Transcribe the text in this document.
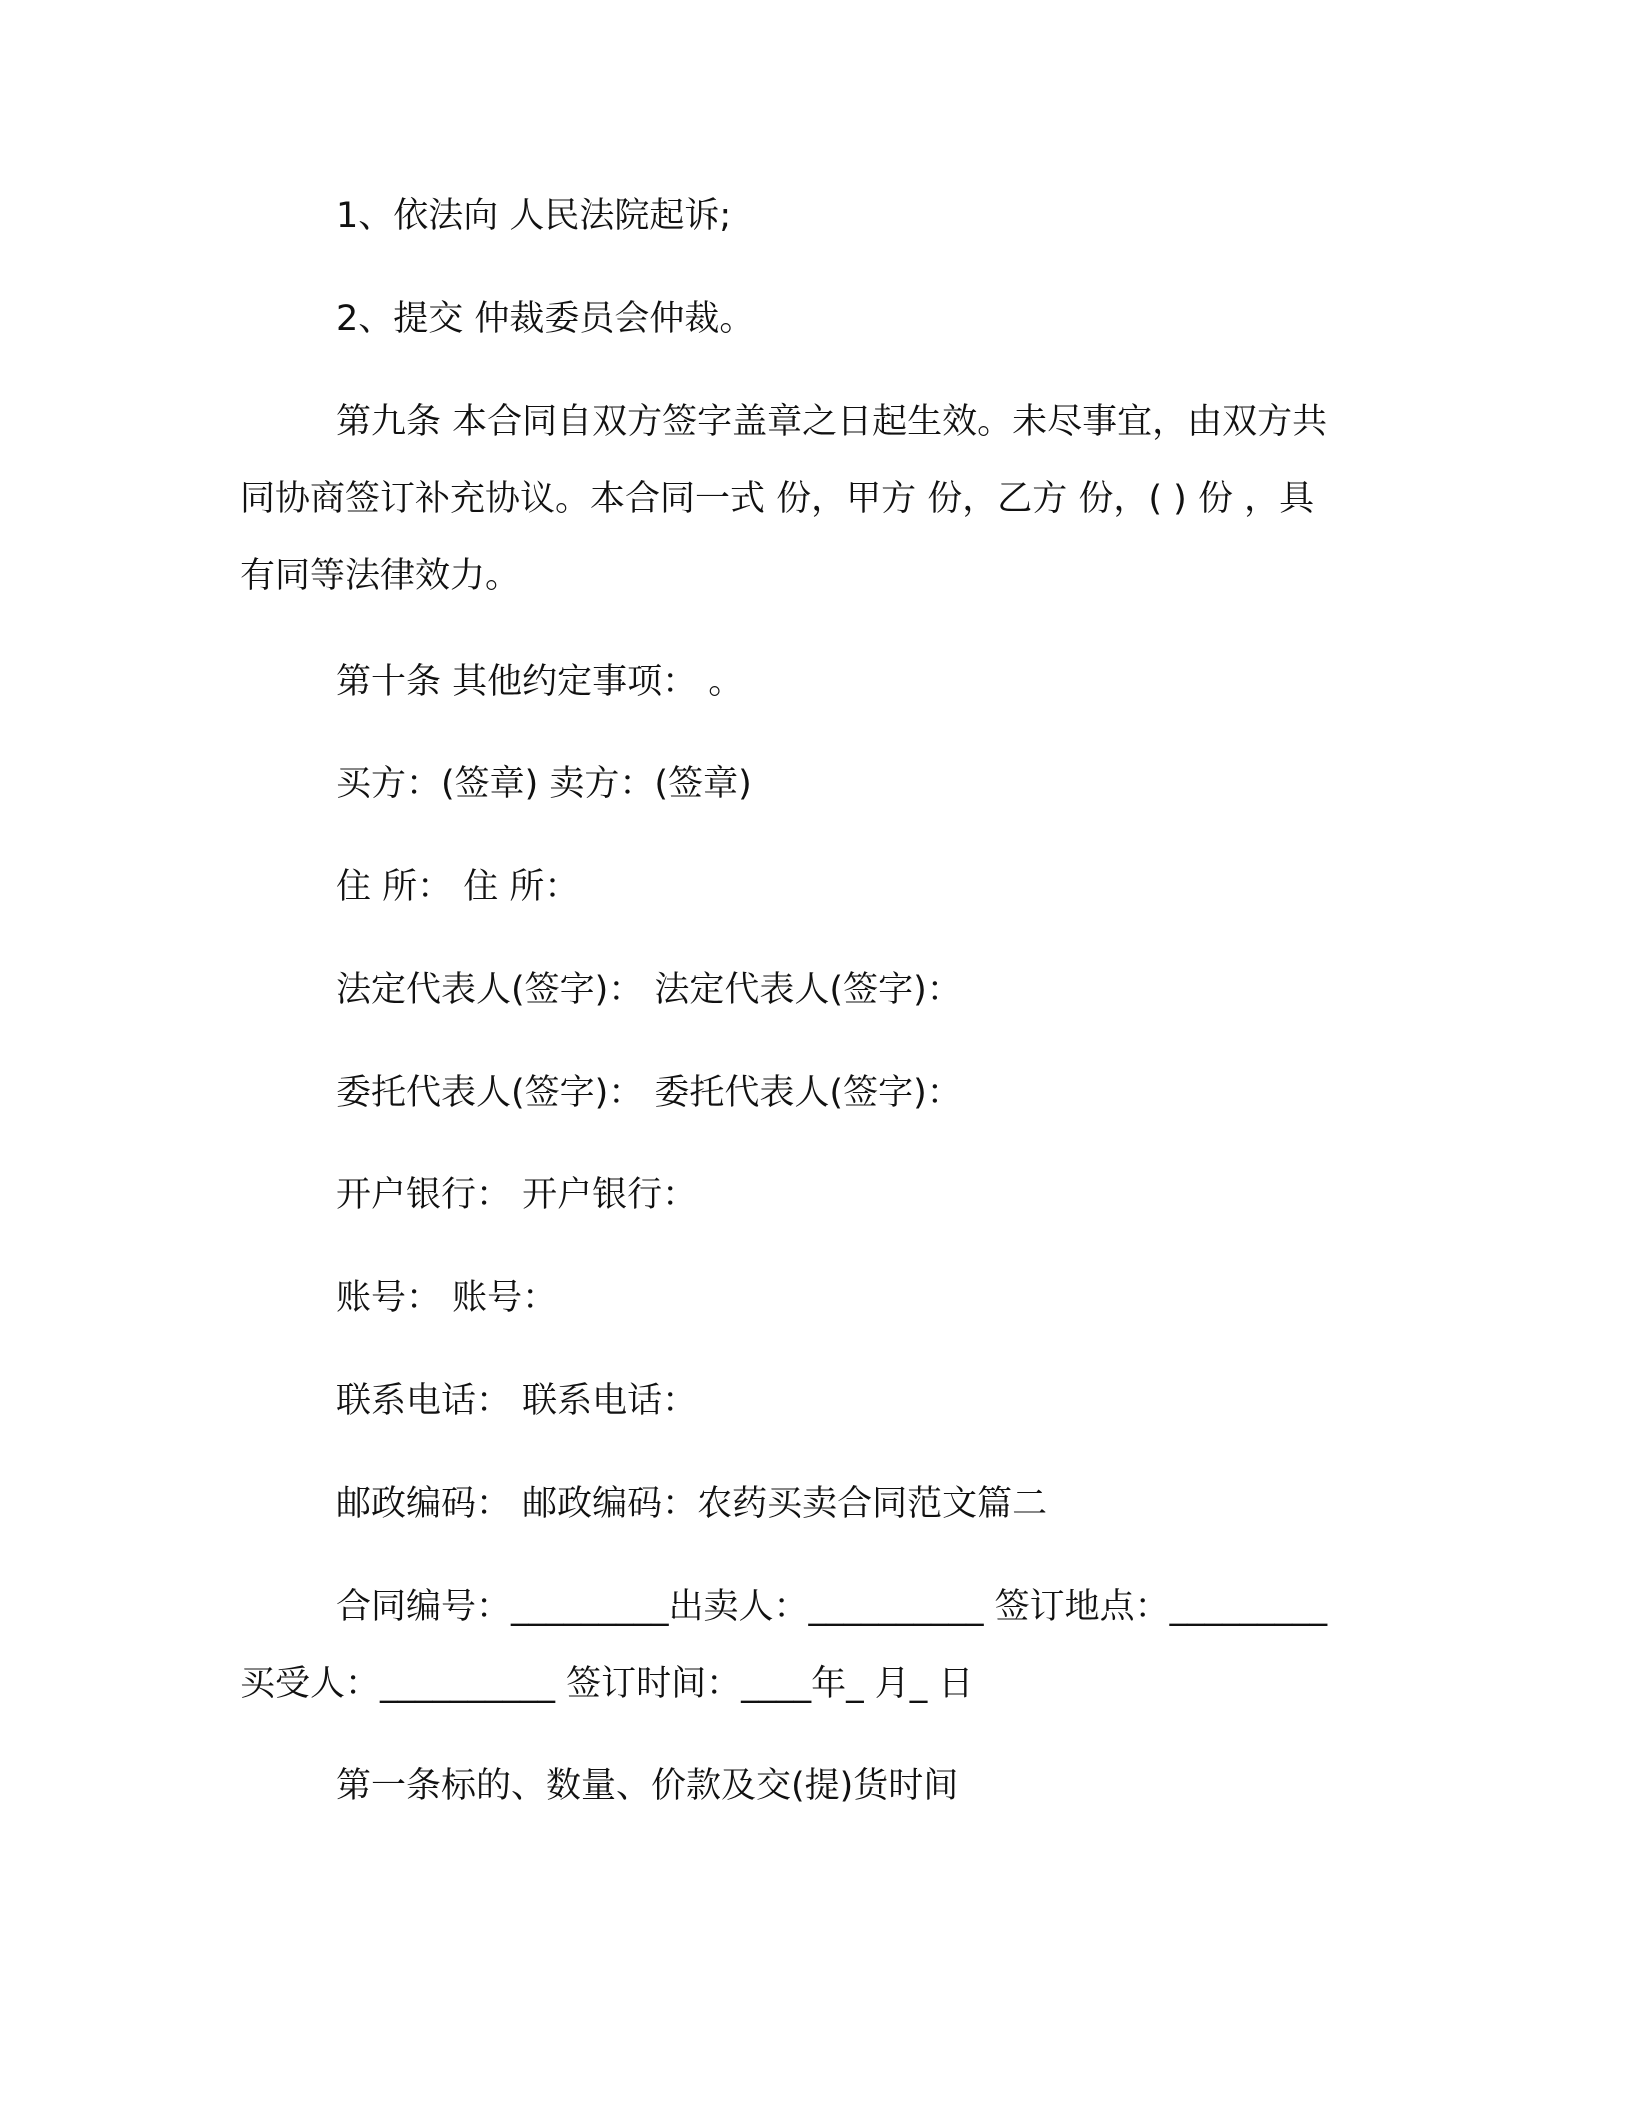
1、依法向 人民法院起诉;

2、提交 仲裁委员会仲裁。

第九条 本合同自双方签字盖章之日起生效。未尽事宜，由双方共
同协商签订补充协议。本合同一式 份，甲方 份，乙方 份，( ) 份 ，具
有同等法律效力。

第十条 其他约定事项： 。

买方：(签章) 卖方：(签章)

住 所： 住 所：

法定代表人(签字)： 法定代表人(签字)：

委托代表人(签字)： 委托代表人(签字)：

开户银行： 开户银行：

账号： 账号：

联系电话： 联系电话：

邮政编码： 邮政编码：农药买卖合同范文篇二

合同编号：_________出卖人：__________ 签订地点：_________
买受人：__________ 签订时间：____年_ 月_ 日

第一条标的、数量、价款及交(提)货时间
